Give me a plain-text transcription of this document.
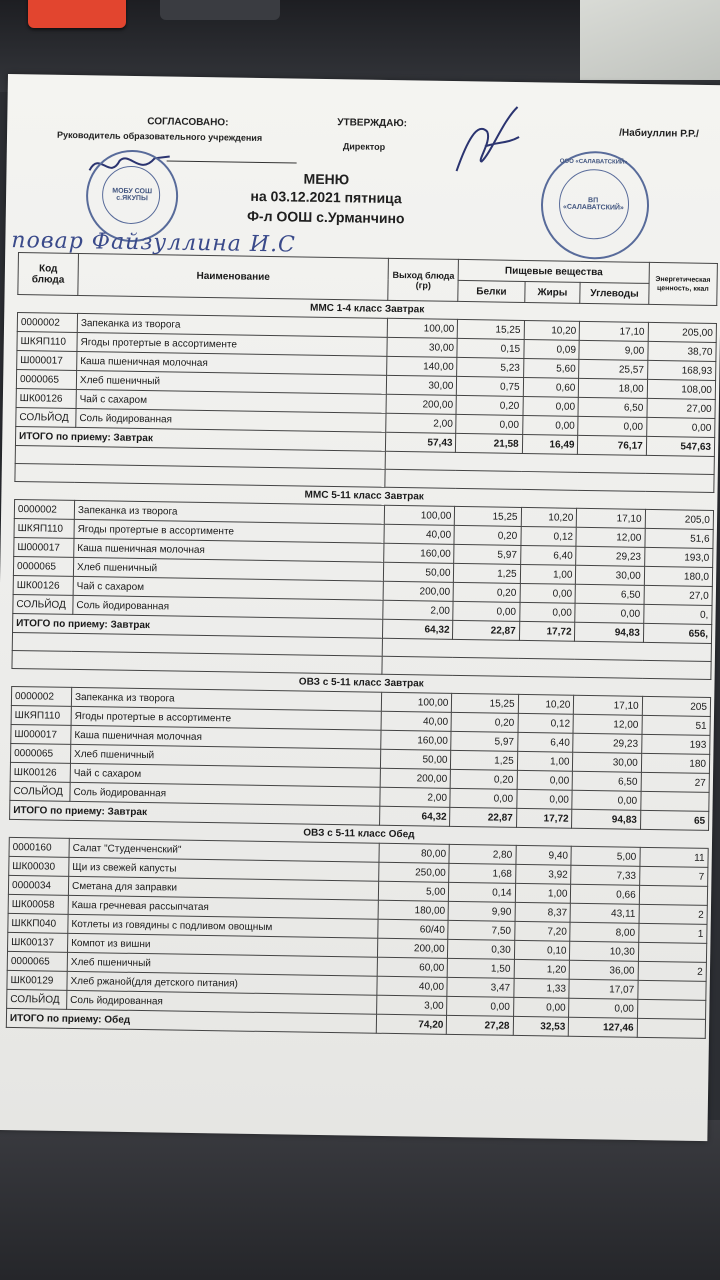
СОГЛАСОВАНО:
Руководитель образовательного учреждения
УТВЕРЖДАЮ:
Директор
/Набиуллин Р.Р./
МОБУ СОШ с.ЯКУПЫ
ООО «САЛАВАТСКИЙ»
ВП «САЛАВАТСКИЙ»
МЕНЮ
на 03.12.2021 пятница
Ф-л ООШ с.Урманчино
повар Файзуллина И.С
Код блюда	Наименование	Выход блюда (гр)	Пищевые вещества			Энергетическая ценность, ккал
			Белки	Жиры	Углеводы	
ММС 1-4 класс Завтрак						
0000002	Запеканка из творога	100,00	15,25	10,20	17,10	205,00
ШКЯП110	Ягоды протертые в ассортименте	30,00	0,15	0,09	9,00	38,70
Ш000017	Каша пшеничная молочная	140,00	5,23	5,60	25,57	168,93
0000065	Хлеб пшеничный	30,00	0,75	0,60	18,00	108,00
ШК00126	Чай с сахаром	200,00	0,20	0,00	6,50	27,00
СОЛЬЙОД	Соль йодированная	2,00	0,00	0,00	0,00	0,00
ИТОГО по приему: Завтрак		57,43	21,58	16,49	76,17	547,63

ММС 5-11 класс Завтрак						
0000002	Запеканка из творога	100,00	15,25	10,20	17,10	205,0
ШКЯП110	Ягоды протертые в ассортименте	40,00	0,20	0,12	12,00	51,6
Ш000017	Каша пшеничная молочная	160,00	5,97	6,40	29,23	193,0
0000065	Хлеб пшеничный	50,00	1,25	1,00	30,00	180,0
ШК00126	Чай с сахаром	200,00	0,20	0,00	6,50	27,0
СОЛЬЙОД	Соль йодированная	2,00	0,00	0,00	0,00	0,
ИТОГО по приему: Завтрак		64,32	22,87	17,72	94,83	656,

ОВЗ с 5-11 класс Завтрак						
0000002	Запеканка из творога	100,00	15,25	10,20	17,10	205
ШКЯП110	Ягоды протертые в ассортименте	40,00	0,20	0,12	12,00	51
Ш000017	Каша пшеничная молочная	160,00	5,97	6,40	29,23	193
0000065	Хлеб пшеничный	50,00	1,25	1,00	30,00	180
ШК00126	Чай с сахаром	200,00	0,20	0,00	6,50	27
СОЛЬЙОД	Соль йодированная	2,00	0,00	0,00	0,00	
ИТОГО по приему: Завтрак		64,32	22,87	17,72	94,83	65
ОВЗ с 5-11 класс Обед						
0000160	Салат "Студенченский"	80,00	2,80	9,40	5,00	11
ШК00030	Щи из свежей капусты	250,00	1,68	3,92	7,33	7
0000034	Сметана для заправки	5,00	0,14	1,00	0,66	
ШК00058	Каша гречневая рассыпчатая	180,00	9,90	8,37	43,11	2
ШККП040	Котлеты из говядины с подливом овощным	60/40	7,50	7,20	8,00	1
ШК00137	Компот из вишни	200,00	0,30	0,10	10,30	
0000065	Хлеб пшеничный	60,00	1,50	1,20	36,00	2
ШК00129	Хлеб ржаной(для детского питания)	40,00	3,47	1,33	17,07	
СОЛЬЙОД	Соль йодированная	3,00	0,00	0,00	0,00	
ИТОГО по приему: Обед		74,20	27,28	32,53	127,46	
